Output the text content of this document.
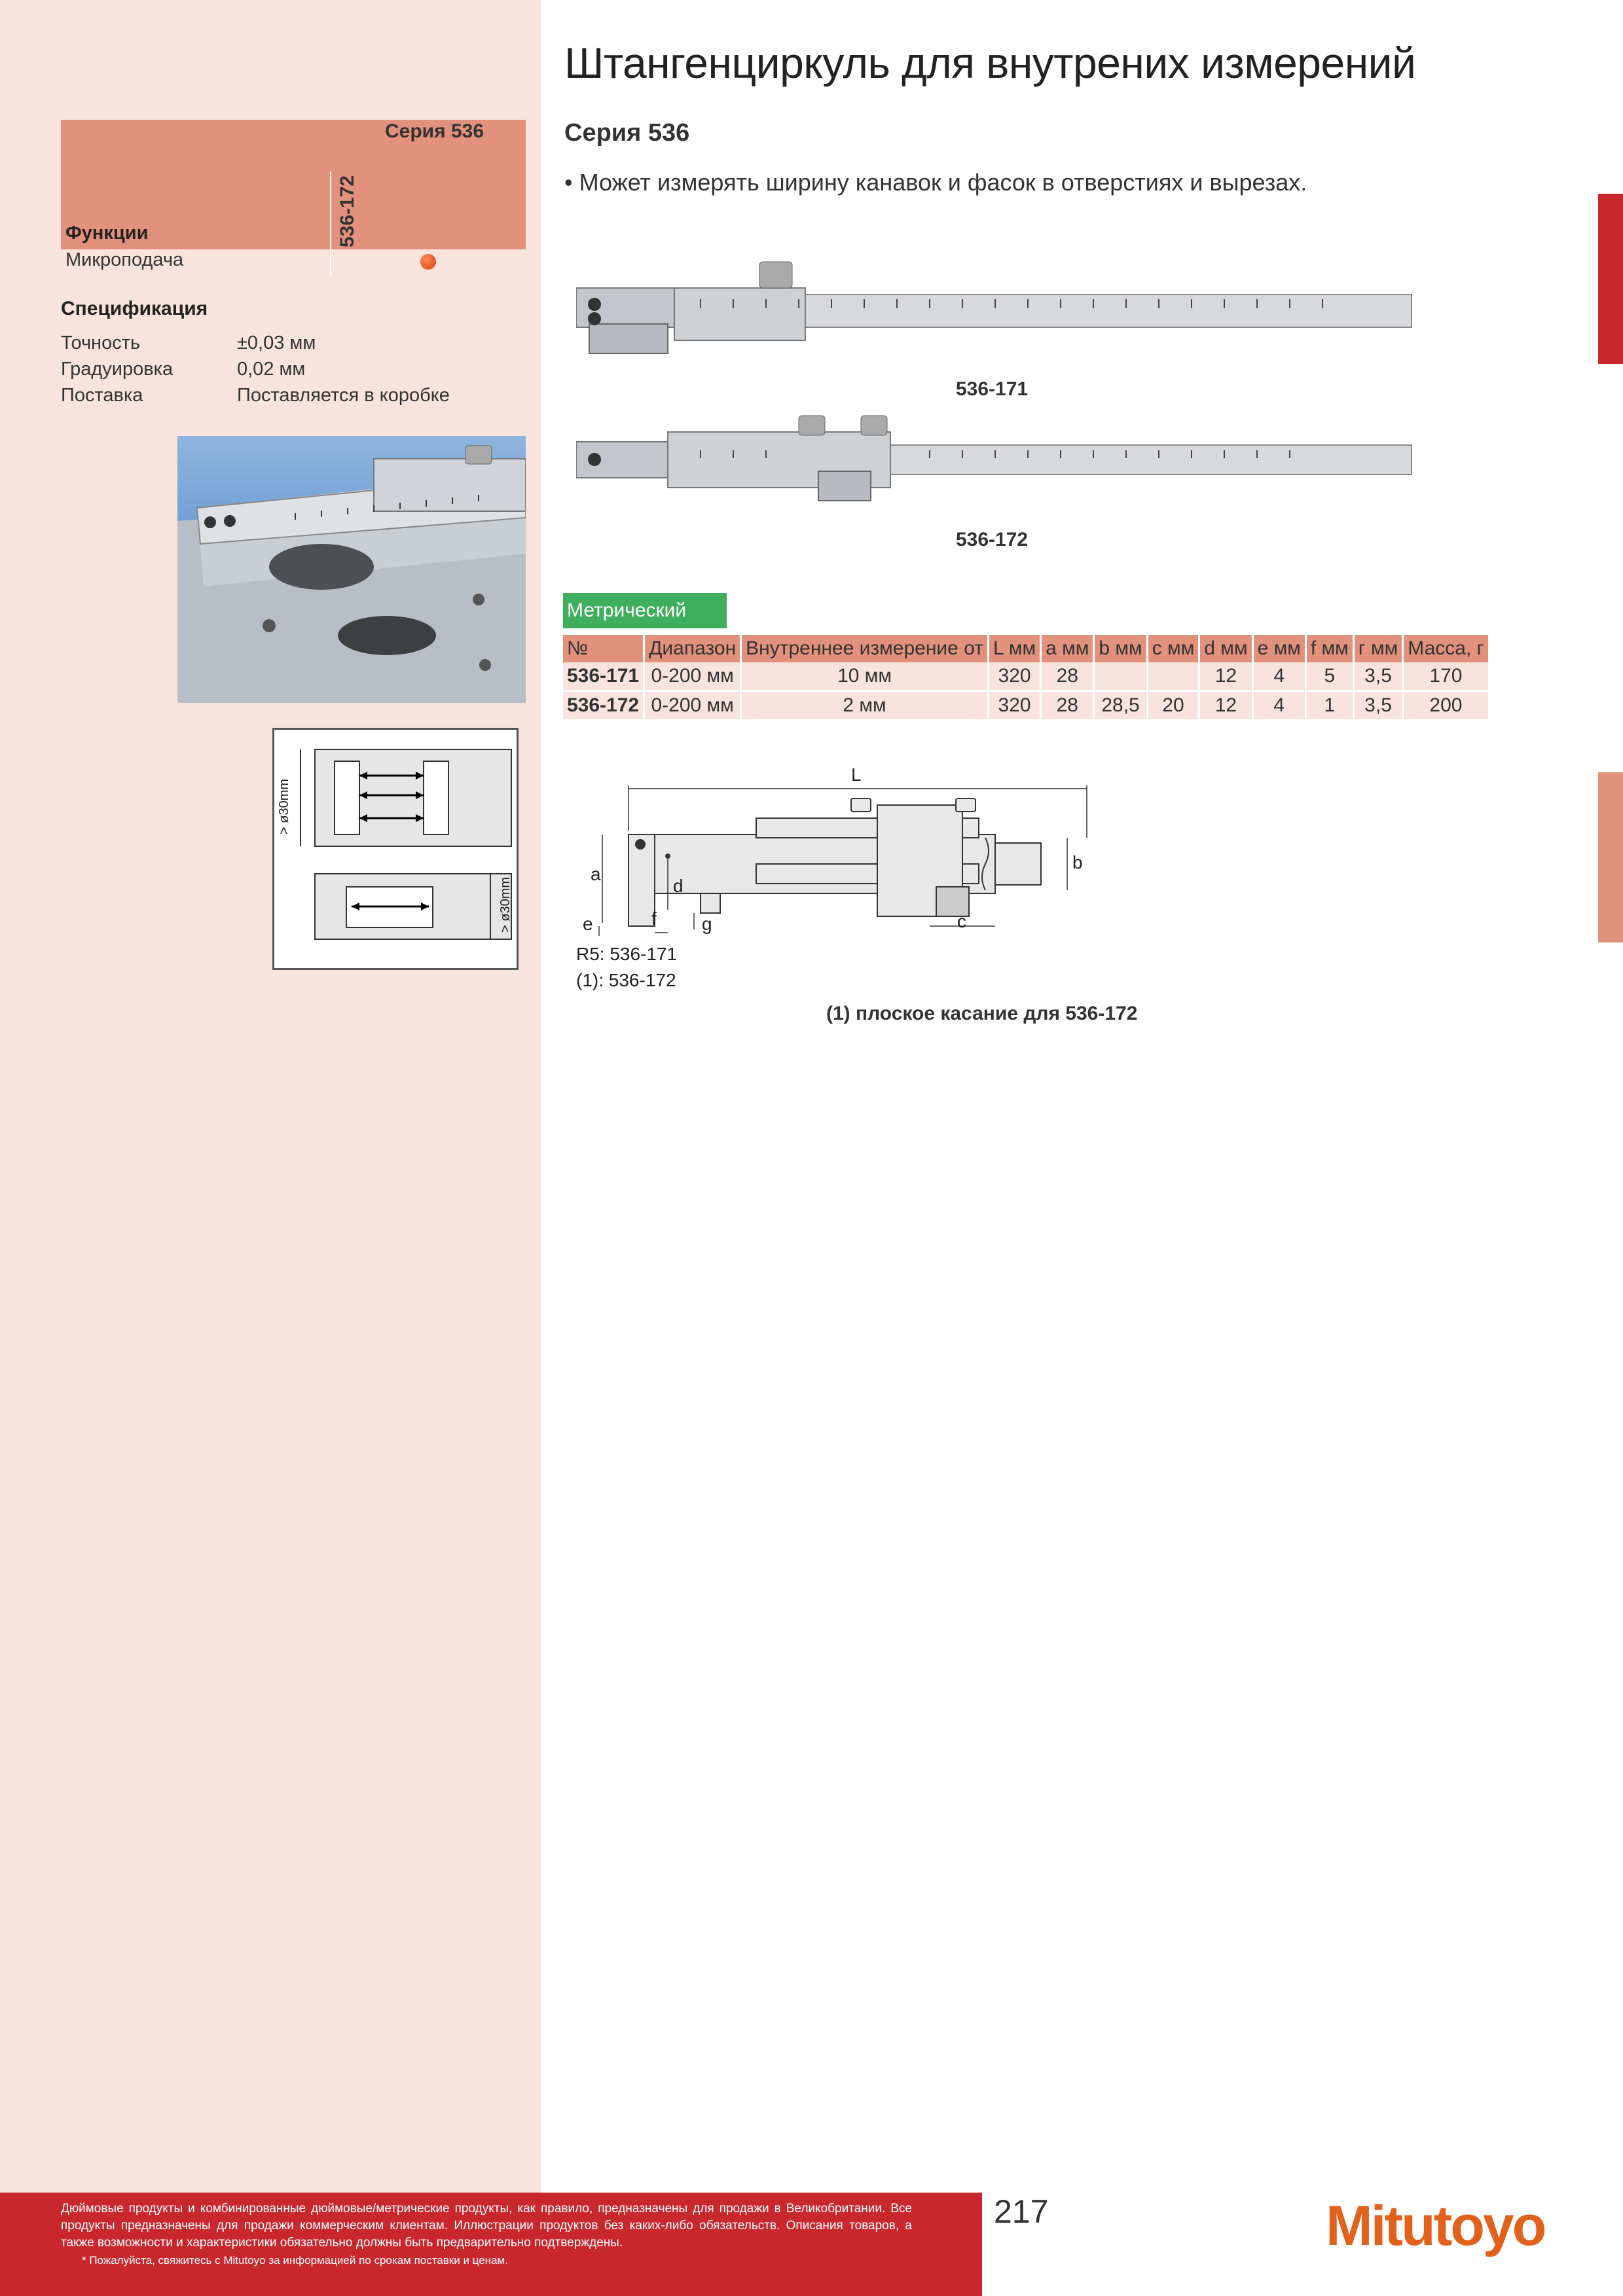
Штангенциркуль для внутрених измерений
Серия 536
• Может измерять ширину канавок и фасок в отверстиях и вырезах.
Серия 536
536-172
Функции
Микроподача
Спецификация
Точность	±0,03 мм
Градуировка	0,02 мм
Поставка	Поставляется в коробке
> ø30mm
> ø30mm
536-171
536-172
Метрический
№	Диапазон	Внутреннее измерение от	L мм	а мм	b мм	с мм	d мм	е мм	f мм	г мм	Масса, г
536-171	0-200 мм	10 мм	320	28			12	4	5	3,5	170
536-172	0-200 мм	2 мм	320	28	28,5	20	12	4	1	3,5	200
L
a
b
c
d
e	f g
R5: 536-171
(1): 536-172
(1) плоское касание для 536-172
Дюймовые продукты и комбинированные дюймовые/метрические продукты, как правило, предназначены для продажи в Великобритании. Все продукты предназначены для продажи коммерческим клиентам. Иллюстрации продуктов без каких-либо обязательств. Описания товаров, а также возможности и характеристики обязательно должны быть предварительно подтверждены.
* Пожалуйста, свяжитесь с Mitutoyo за информацией по срокам поставки и ценам.
217	Mitutoyo
